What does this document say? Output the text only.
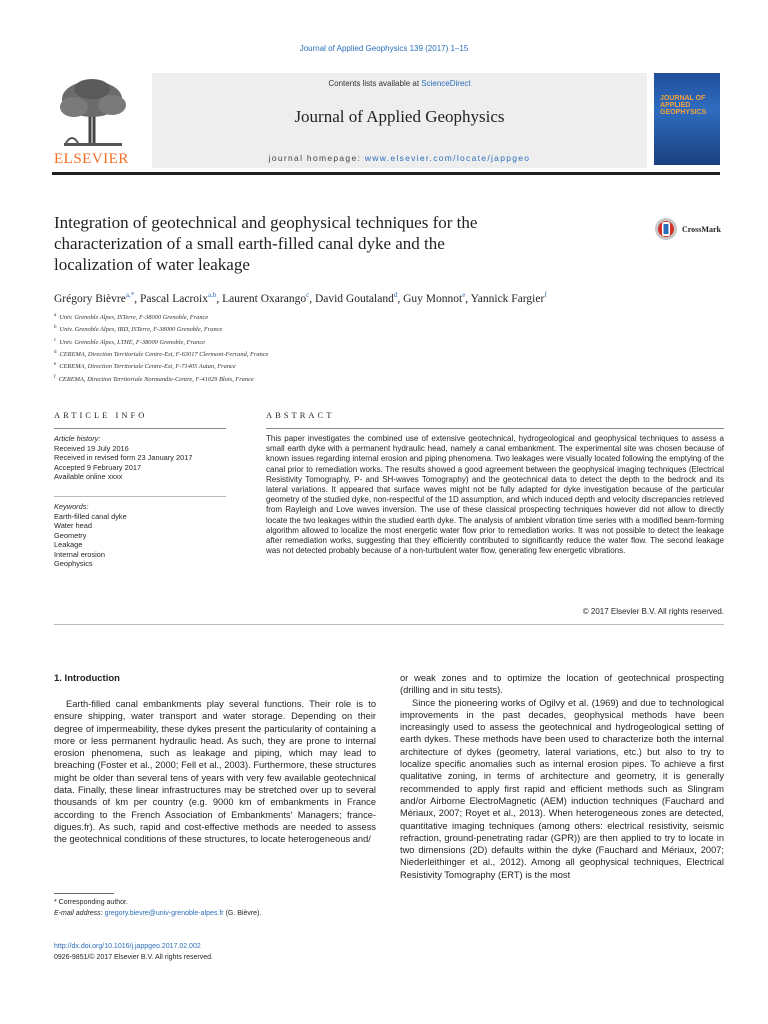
Journal of Applied Geophysics 139 (2017) 1–15
ELSEVIER
Contents lists available at ScienceDirect
Journal of Applied Geophysics
journal homepage: www.elsevier.com/locate/jappgeo
JOURNAL OF APPLIED GEOPHYSICS
Integration of geotechnical and geophysical techniques for the
characterization of a small earth-filled canal dyke and the
localization of water leakage
CrossMark
Grégory Bièvre$^{a,*}$, Pascal Lacroix$^{a,b}$, Laurent Oxarango$^c$, David Goutaland$^d$, Guy Monnot$^e$, Yannick Fargier$^f$
$^a$ Univ. Grenoble Alpes, ISTerre, F-38000 Grenoble, France
$^b$ Univ. Grenoble Alpes, IRD, ISTerre, F-38000 Grenoble, France
$^c$ Univ. Grenoble Alpes, LTHE, F-38000 Grenoble, France
$^d$ CEREMA, Direction Territoriale Centre-Est, F-63017 Clermont-Ferrand, France
$^e$ CEREMA, Direction Territoriale Centre-Est, F-71405 Autun, France
$^f$ CEREMA, Direction Territoriale Normandie-Centre, F-41029 Blois, France
ARTICLE INFO	ABSTRACT
Article history:
Received 19 July 2016
Received in revised form 23 January 2017
Accepted 9 February 2017
Available online xxxx
Keywords:
Earth-filled canal dyke
Water head
Geometry
Leakage
Internal erosion
Geophysics
This paper investigates the combined use of extensive geotechnical, hydrogeological and geophysical techniques to assess a small earth dyke with a permanent hydraulic head, namely a canal embankment. The experimental site was chosen because of known issues regarding internal erosion and piping phenomena. Two leakages were visually located following the emptying of the canal prior to remediation works. The results showed a good agreement between the geophysical imaging techniques (Electrical Resistivity Tomography, P- and SH-waves Tomography) and the geotechnical data to detect the depth to the bedrock and its lateral variations. It appeared that surface waves might not be fully adapted for dyke investigation because of the particular geometry of the studied dyke, non-respectful of the 1D assumption, and which induced depth and velocity discrepancies retrieved from Rayleigh and Love waves inversion. The use of these classical prospecting techniques however did not allow to directly locate the two leakages within the studied earth dyke. The analysis of ambient vibration time series with a modified beam-forming algorithm allowed to localize the most energetic water flow prior to remediation works. It was not possible to detect the leakage after remediation works, suggesting that they efficiently contributed to significantly reduce the water flow. The second leakage was not detected probably because of a non-turbulent water flow, generating few energetic vibrations.
© 2017 Elsevier B.V. All rights reserved.
1. Introduction

Earth-filled canal embankments play several functions. Their role is to ensure shipping, water transport and water storage. Depending on their degree of impermeability, these dykes present the particularity of containing a more or less permanent hydraulic head. As such, they are prone to internal erosion phenomena, such as leakage and piping, which may lead to breaching (Foster et al., 2000; Fell et al., 2003). Furthermore, these structures might be older than several tens of years with very few available geotechnical data. Finally, these linear infrastructures may be stretched over up to several thousands of km per country (e.g. 9000 km of embankments in France according to the French Association of Embankments' Managers; france-digues.fr). As such, rapid and cost-effective methods are needed to assess the geotechnical conditions of these structures, to locate heterogeneous and/

or weak zones and to optimize the location of geotechnical prospecting (drilling and in situ tests).

Since the pioneering works of Ogilvy et al. (1969) and due to technological improvements in the past decades, geophysical methods have been increasingly used to assess the geotechnical and hydrogeological setting of earth dykes. These methods have been used to characterize both the internal architecture of dykes (geometry, lateral variations, etc.) but also to try to localize specific anomalies such as internal erosion pipes. To achieve a first qualitative zoning, in terms of architecture and geometry, it is generally recommended to apply first rapid and efficient methods such as Slingram and/or Airborne ElectroMagnetic (AEM) induction techniques (Fauchard and Mériaux, 2007; Royet et al., 2013). When heterogeneous zones are detected, quantitative imaging techniques (among others: electrical resistivity, seismic refraction, ground-penetrating radar (GPR)) are then applied to try to locate in two dimensions (2D) defaults within the dyke (Fauchard and Mériaux, 2007; Niederleithinger et al., 2012). Among all geophysical techniques, Electrical Resistivity Tomography (ERT) is the most

* Corresponding author.
E-mail address: gregory.bievre@univ-grenoble-alpes.fr (G. Bièvre).
http://dx.doi.org/10.1016/j.jappgeo.2017.02.002
0926-9851/© 2017 Elsevier B.V. All rights reserved.
